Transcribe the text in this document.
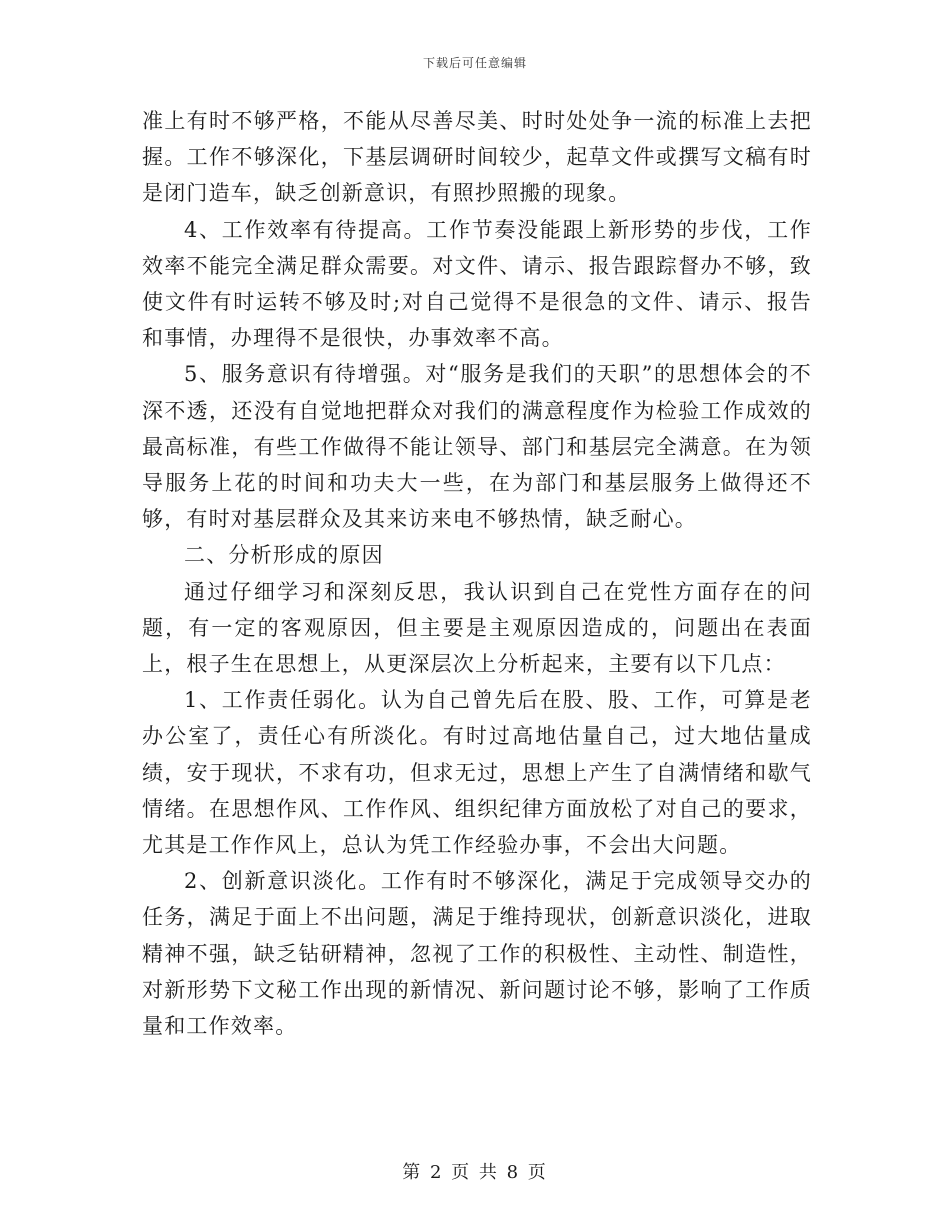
下载后可任意编辑

准上有时不够严格，不能从尽善尽美、时时处处争一流的标准上去把握。工作不够深化，下基层调研时间较少，起草文件或撰写文稿有时是闭门造车，缺乏创新意识，有照抄照搬的现象。

4、工作效率有待提高。工作节奏没能跟上新形势的步伐，工作效率不能完全满足群众需要。对文件、请示、报告跟踪督办不够，致使文件有时运转不够及时;对自己觉得不是很急的文件、请示、报告和事情，办理得不是很快，办事效率不高。

5、服务意识有待增强。对“服务是我们的天职”的思想体会的不深不透，还没有自觉地把群众对我们的满意程度作为检验工作成效的最高标准，有些工作做得不能让领导、部门和基层完全满意。在为领导服务上花的时间和功夫大一些，在为部门和基层服务上做得还不够，有时对基层群众及其来访来电不够热情，缺乏耐心。

二、分析形成的原因

通过仔细学习和深刻反思，我认识到自己在党性方面存在的问题，有一定的客观原因，但主要是主观原因造成的，问题出在表面上，根子生在思想上，从更深层次上分析起来，主要有以下几点：

1、工作责任弱化。认为自己曾先后在股、股、工作，可算是老办公室了，责任心有所淡化。有时过高地估量自己，过大地估量成绩，安于现状，不求有功，但求无过，思想上产生了自满情绪和歇气情绪。在思想作风、工作作风、组织纪律方面放松了对自己的要求，尤其是工作作风上，总认为凭工作经验办事，不会出大问题。

2、创新意识淡化。工作有时不够深化，满足于完成领导交办的任务，满足于面上不出问题，满足于维持现状，创新意识淡化，进取精神不强，缺乏钻研精神，忽视了工作的积极性、主动性、制造性，对新形势下文秘工作出现的新情况、新问题讨论不够，影响了工作质量和工作效率。

第 2 页 共 8 页
